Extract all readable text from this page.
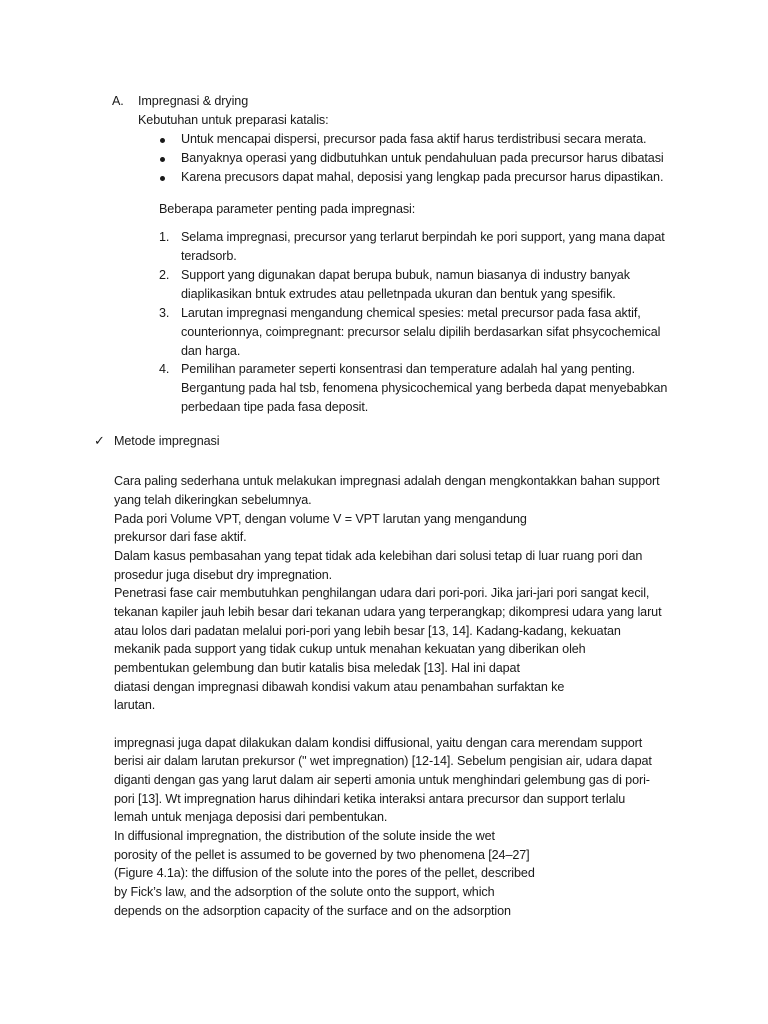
A. Impregnasi & drying
Kebutuhan untuk preparasi katalis:
Untuk mencapai dispersi, precursor pada fasa aktif harus terdistribusi secara merata.
Banyaknya operasi yang didbutuhkan untuk pendahuluan pada precursor harus dibatasi
Karena precusors dapat mahal, deposisi yang lengkap pada precursor harus dipastikan.
Beberapa parameter penting pada impregnasi:
1. Selama impregnasi, precursor yang terlarut berpindah ke pori support, yang mana dapat
teradsorb.
2. Support yang digunakan dapat berupa bubuk, namun biasanya di industry banyak
diaplikasikan bntuk extrudes atau pelletnpada ukuran dan bentuk yang spesifik.
3. Larutan impregnasi mengandung chemical spesies: metal precursor pada fasa aktif,
counterionnya, coimpregnant: precursor selalu dipilih berdasarkan sifat phsycochemical
dan harga.
4. Pemilihan parameter seperti konsentrasi dan temperature adalah hal yang penting.
Bergantung pada hal tsb, fenomena physicochemical yang berbeda dapat menyebabkan
perbedaan tipe pada fasa deposit.
✓ Metode impregnasi
Cara paling sederhana untuk melakukan impregnasi adalah dengan mengkontakkan bahan support
yang telah dikeringkan sebelumnya.
Pada pori Volume VPT, dengan volume V = VPT larutan yang mengandung
prekursor dari fase aktif.
Dalam kasus pembasahan yang tepat tidak ada kelebihan dari solusi tetap di luar ruang pori dan
prosedur juga disebut dry impregnation.
Penetrasi fase cair membutuhkan penghilangan udara dari pori-pori. Jika jari-jari pori sangat kecil,
tekanan kapiler jauh lebih besar dari tekanan udara yang terperangkap; dikompresi udara yang larut
atau lolos dari padatan melalui pori-pori yang lebih besar [13, 14]. Kadang-kadang, kekuatan
mekanik pada support yang tidak cukup untuk menahan kekuatan yang diberikan oleh
pembentukan gelembung dan butir katalis bisa meledak [13]. Hal ini dapat
diatasi dengan impregnasi dibawah kondisi vakum atau penambahan surfaktan ke
larutan.
impregnasi juga dapat dilakukan dalam kondisi diffusional, yaitu dengan cara merendam support
berisi air dalam larutan prekursor (" wet impregnation) [12-14]. Sebelum pengisian air, udara dapat
diganti dengan gas yang larut dalam air seperti amonia untuk menghindari gelembung gas di pori-
pori [13]. Wt impregnation harus dihindari ketika interaksi antara precursor dan support terlalu
lemah untuk menjaga deposisi dari pembentukan.
In diffusional impregnation, the distribution of the solute inside the wet
porosity of the pellet is assumed to be governed by two phenomena [24–27]
(Figure 4.1a): the diffusion of the solute into the pores of the pellet, described
by Fick’s law, and the adsorption of the solute onto the support, which
depends on the adsorption capacity of the surface and on the adsorption
